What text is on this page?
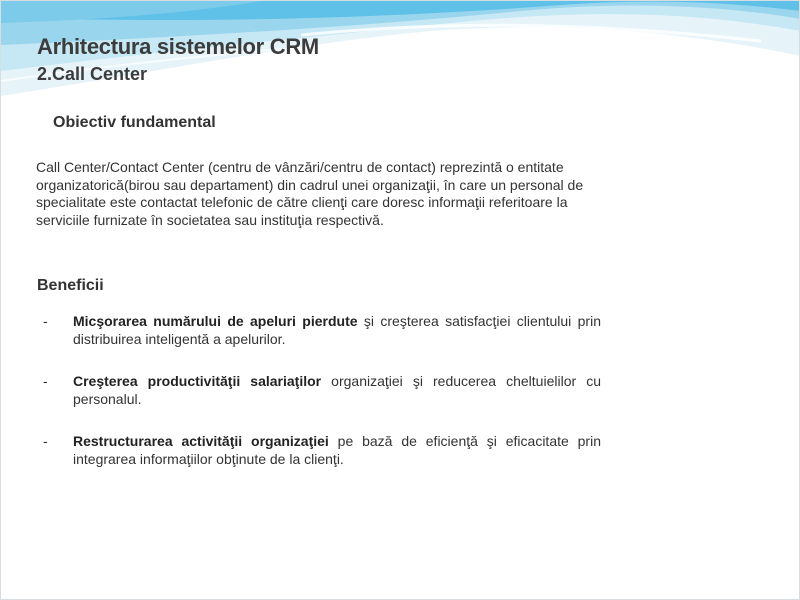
Arhitectura sistemelor CRM
2.Call Center
Obiectiv fundamental

Call Center/Contact Center (centru de vânzări/centru de contact) reprezintă o entitate organizatorică(birou sau departament) din cadrul unei organizaţii, în care un personal de specialitate este contactat telefonic de către clienţi care doresc informaţii referitoare la serviciile furnizate în societatea sau instituţia respectivă.

Beneficii
- Micşorarea numărului de apeluri pierdute şi creşterea satisfacţiei clientului prin distribuirea inteligentă a apelurilor.
- Creşterea productivităţii salariaţilor organizaţiei şi reducerea cheltuielilor cu personalul.
- Restructurarea activităţii organizaţiei pe bază de eficienţă şi eficacitate prin integrarea informaţiilor obţinute de la clienţi.
